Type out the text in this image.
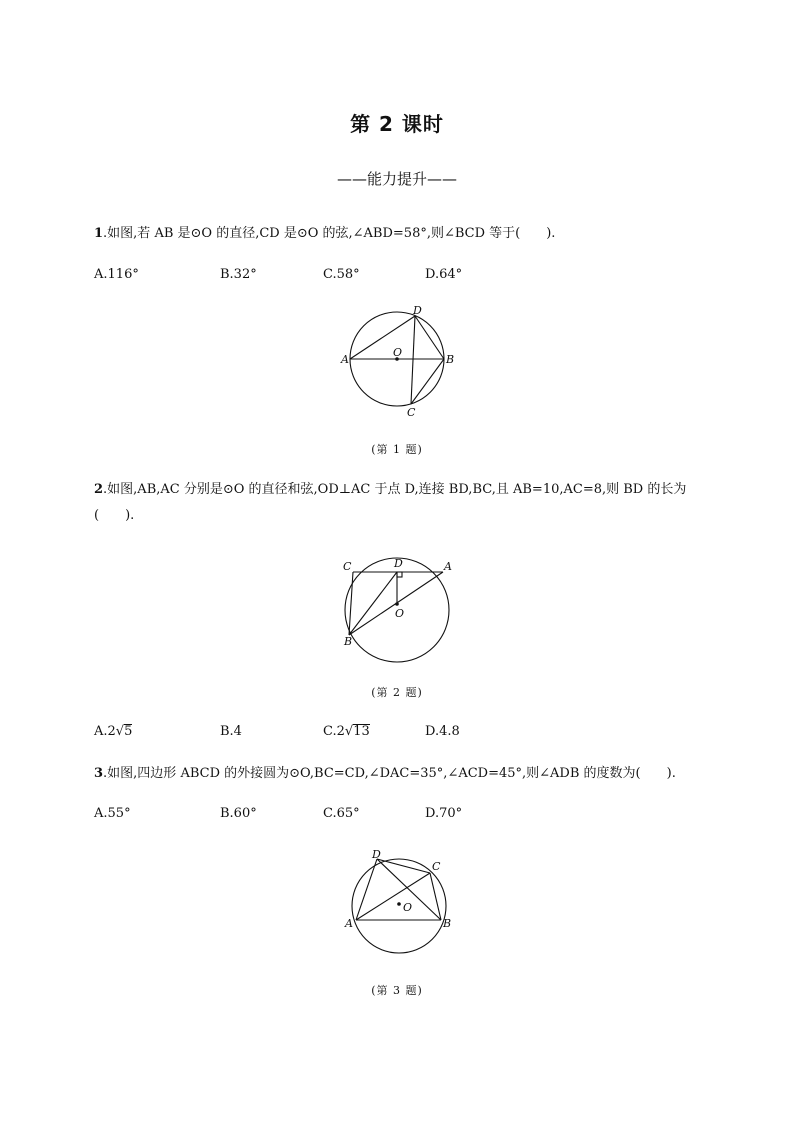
第 2 课时
——能力提升——
1.如图,若 AB 是⊙O 的直径,CD 是⊙O 的弦,∠ABD=58°,则∠BCD 等于(　　).
A.116°	B.32°	C.58°	D.64°
A	B
C
D
O
(第 1 题)
2.如图,AB,AC 分别是⊙O 的直径和弦,OD⊥AC 于点 D,连接 BD,BC,且 AB=10,AC=8,则 BD 的长为
(　　).
C	A
D
O
B
(第 2 题)
A.2√5	B.4	C.2√13	D.4.8
3.如图,四边形 ABCD 的外接圆为⊙O,BC=CD,∠DAC=35°,∠ACD=45°,则∠ADB 的度数为(　　).
A.55°	B.60°	C.65°	D.70°
D
C
A	B
O
(第 3 题)
